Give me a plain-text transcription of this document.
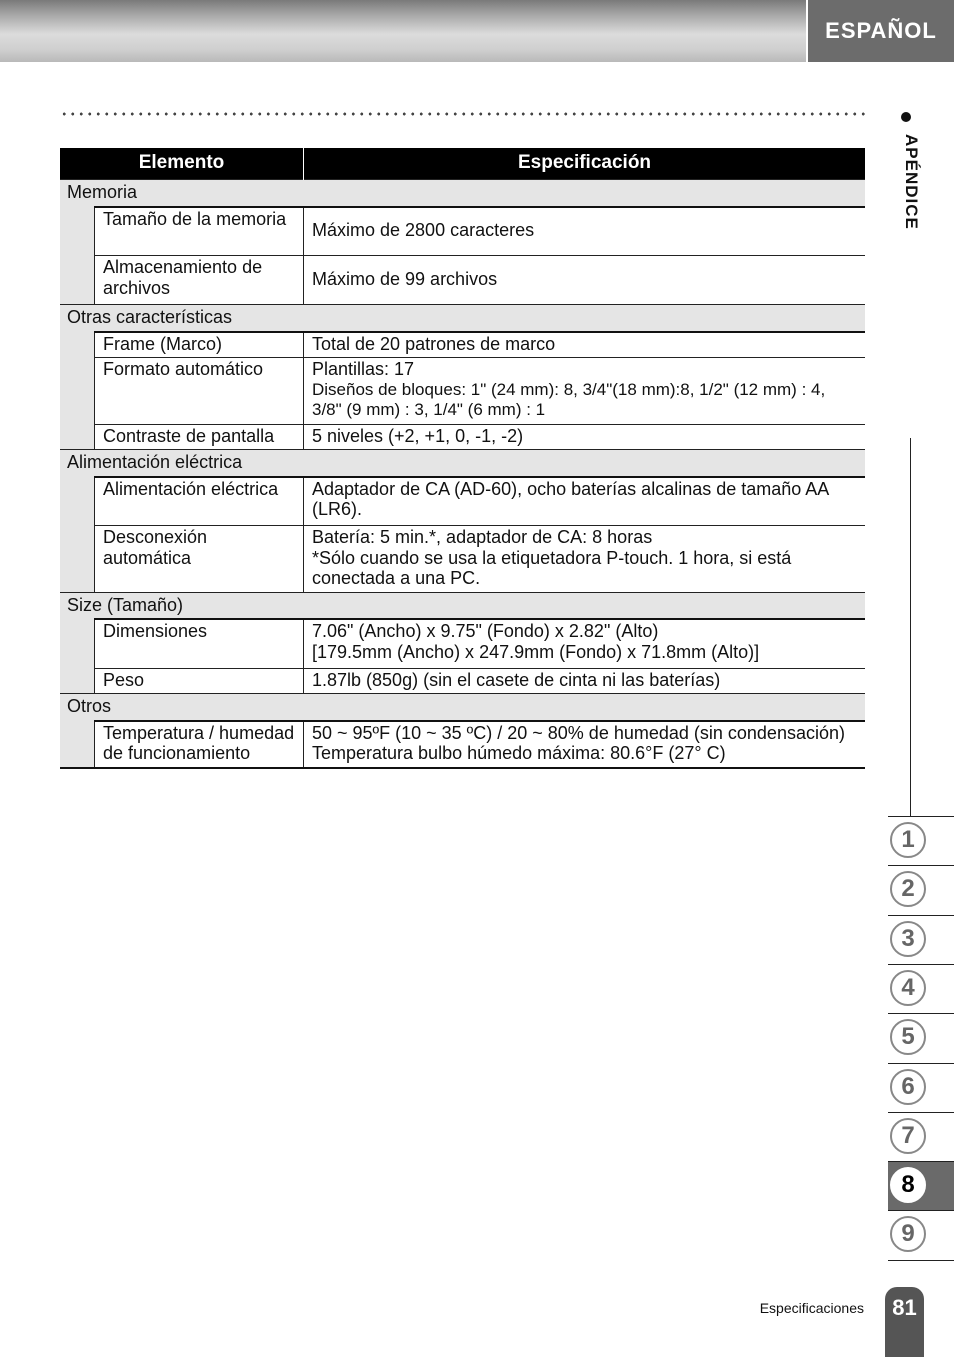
ESPAÑOL
APÉNDICE
1
2
3
4
5
6
7
8
9
Elemento		Especificación
Memoria		
	Tamaño de la memoria	Máximo de 2800 caracteres
	Almacenamiento de archivos	Máximo de 99 archivos
Otras características		
	Frame (Marco)	Total de 20 patrones de marco
	Formato automático	Plantillas: 17
Diseños de bloques: 1" (24 mm): 8, 3/4"(18 mm):8, 1/2" (12 mm) : 4, 3/8" (9 mm) : 3, 1/4" (6 mm) : 1

	Contraste de pantalla	5 niveles (+2, +1, 0, -1, -2)
Alimentación eléctrica		
	Alimentación eléctrica	Adaptador de CA (AD-60), ocho baterías alcalinas de tamaño AA (LR6).
	Desconexión automática	Batería: 5 min.*, adaptador de CA: 8 horas
*Sólo cuando se usa la etiquetadora P-touch. 1 hora, si está conectada a una PC.

Size (Tamaño)		
	Dimensiones	7.06" (Ancho) x 9.75" (Fondo) x 2.82" (Alto)
[179.5mm (Ancho) x 247.9mm (Fondo) x 71.8mm (Alto)]

	Peso	1.87lb (850g) (sin el casete de cinta ni las baterías)
Otros		
	Temperatura / humedad de funcionamiento	50 ~ 95ºF (10 ~ 35 ºC) / 20 ~ 80% de humedad (sin condensación)
Temperatura bulbo húmedo máxima: 80.6°F (27° C)
Especificaciones	81
